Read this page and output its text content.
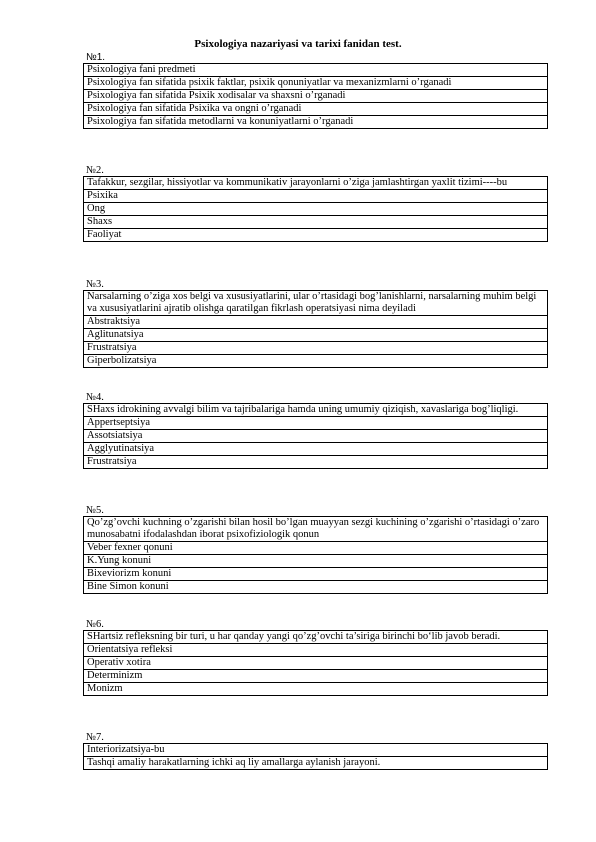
Psixologiya nazariyasi va tarixi fanidan test.
№1.
Psixologiya fani predmeti
Psixologiya fan sifatida psixik faktlar, psixik qonuniyatlar va mexanizmlarni o’rganadi
Psixologiya fan sifatida Psixik xodisalar va shaxsni o’rganadi
Psixologiya fan sifatida Psixika va ongni o’rganadi
Psixologiya fan sifatida metodlarni va konuniyatlarni o’rganadi
№2.
Tafakkur, sezgilar, hissiyotlar va kommunikativ jarayonlarni o’ziga jamlashtirgan yaxlit tizimi----bu
Psixika
Ong
Shaxs
Faoliyat
№3.
Narsalarning o’ziga xos belgi va xususiyatlarini, ular o’rtasidagi bog’lanishlarni, narsalarning muhim belgi va xususiyatlarini ajratib olishga qaratilgan fikrlash operatsiyasi nima deyiladi
Abstraktsiya
Aglitunatsiya
Frustratsiya
Giperbolizatsiya
№4.
SHaxs idrokining avvalgi bilim va tajribalariga hamda uning umumiy qiziqish, xavaslariga bog’liqligi.
Appertseptsiya
Assotsiatsiya
Agglyutinatsiya
Frustratsiya
№5.
Qo’zg’ovchi kuchning o’zgarishi bilan hosil bo’lgan muayyan sezgi kuchining o’zgarishi o’rtasidagi o’zaro munosabatni ifodalashdan iborat psixofiziologik qonun
Veber fexner qonuni
K.Yung konuni
Bixeviorizm konuni
Bine Simon konuni
№6.
SHartsiz refleksning bir turi, u har qanday yangi qo’zg’ovchi ta’siriga birinchi bo‘lib javob beradi.
Orientatsiya refleksi
Operativ xotira
Determinizm
Monizm
№7.
Interiorizatsiya-bu
Tashqi amaliy harakatlarning ichki aq liy amallarga aylanish jarayoni.
